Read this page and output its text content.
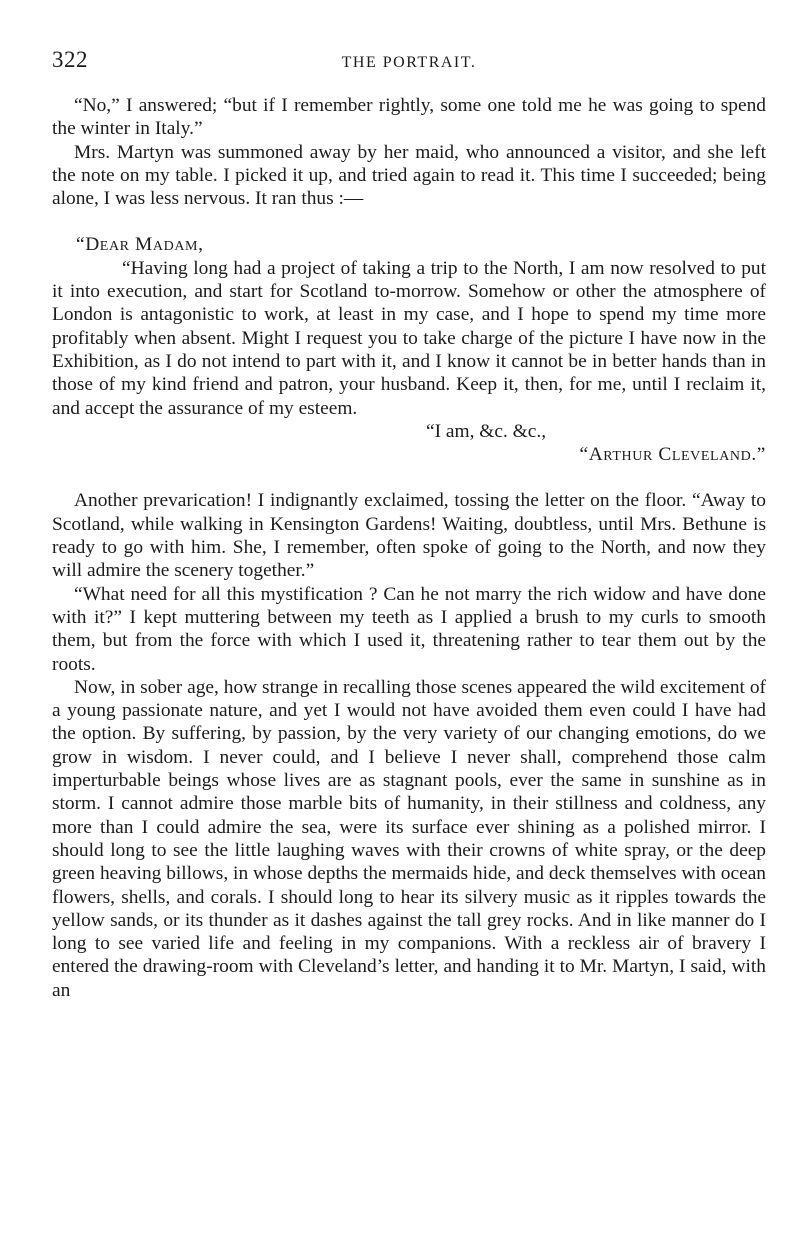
322	THE PORTRAIT.

“No,” I answered; “but if I remember rightly, some one told me he was going to spend the winter in Italy.”

Mrs. Martyn was summoned away by her maid, who announced a visitor, and she left the note on my table. I picked it up, and tried again to read it. This time I succeeded; being alone, I was less nervous. It ran thus :—

“Dear Madam,

“Having long had a project of taking a trip to the North, I am now resolved to put it into execution, and start for Scotland to-morrow. Somehow or other the atmosphere of London is antagonistic to work, at least in my case, and I hope to spend my time more profitably when absent. Might I request you to take charge of the picture I have now in the Exhibition, as I do not intend to part with it, and I know it cannot be in better hands than in those of my kind friend and patron, your husband. Keep it, then, for me, until I reclaim it, and accept the assurance of my esteem.

“I am, &c. &c.,

“Arthur Cleveland.”

Another prevarication! I indignantly exclaimed, tossing the letter on the floor. “Away to Scotland, while walking in Kensington Gardens! Waiting, doubtless, until Mrs. Bethune is ready to go with him. She, I remember, often spoke of going to the North, and now they will admire the scenery together.”

“What need for all this mystification ? Can he not marry the rich widow and have done with it?” I kept muttering between my teeth as I applied a brush to my curls to smooth them, but from the force with which I used it, threatening rather to tear them out by the roots.

Now, in sober age, how strange in recalling those scenes appeared the wild excitement of a young passionate nature, and yet I would not have avoided them even could I have had the option. By suffering, by passion, by the very variety of our changing emotions, do we grow in wisdom. I never could, and I believe I never shall, comprehend those calm imperturbable beings whose lives are as stagnant pools, ever the same in sunshine as in storm. I cannot admire those marble bits of humanity, in their stillness and coldness, any more than I could admire the sea, were its surface ever shining as a polished mirror. I should long to see the little laughing waves with their crowns of white spray, or the deep green heaving billows, in whose depths the mermaids hide, and deck themselves with ocean flowers, shells, and corals. I should long to hear its silvery music as it ripples towards the yellow sands, or its thunder as it dashes against the tall grey rocks. And in like manner do I long to see varied life and feeling in my companions. With a reckless air of bravery I entered the drawing-room with Cleveland’s letter, and handing it to Mr. Martyn, I said, with an
